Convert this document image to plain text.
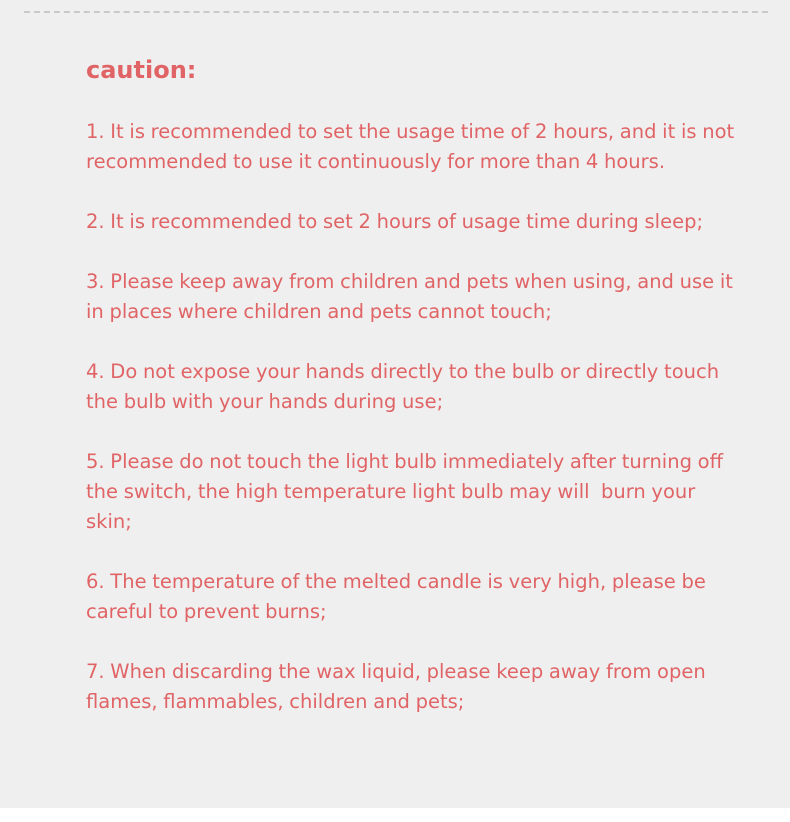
caution:
1. It is recommended to set the usage time of 2 hours, and it is not recommended to use it continuously for more than 4 hours.
2. It is recommended to set 2 hours of usage time during sleep;
3. Please keep away from children and pets when using, and use it in places where children and pets cannot touch;
4. Do not expose your hands directly to the bulb or directly touch the bulb with your hands during use;
5. Please do not touch the light bulb immediately after turning off the switch, the high temperature light bulb may will  burn your skin;
6. The temperature of the melted candle is very high, please be careful to prevent burns;
7. When discarding the wax liquid, please keep away from open flames, flammables, children and pets;
